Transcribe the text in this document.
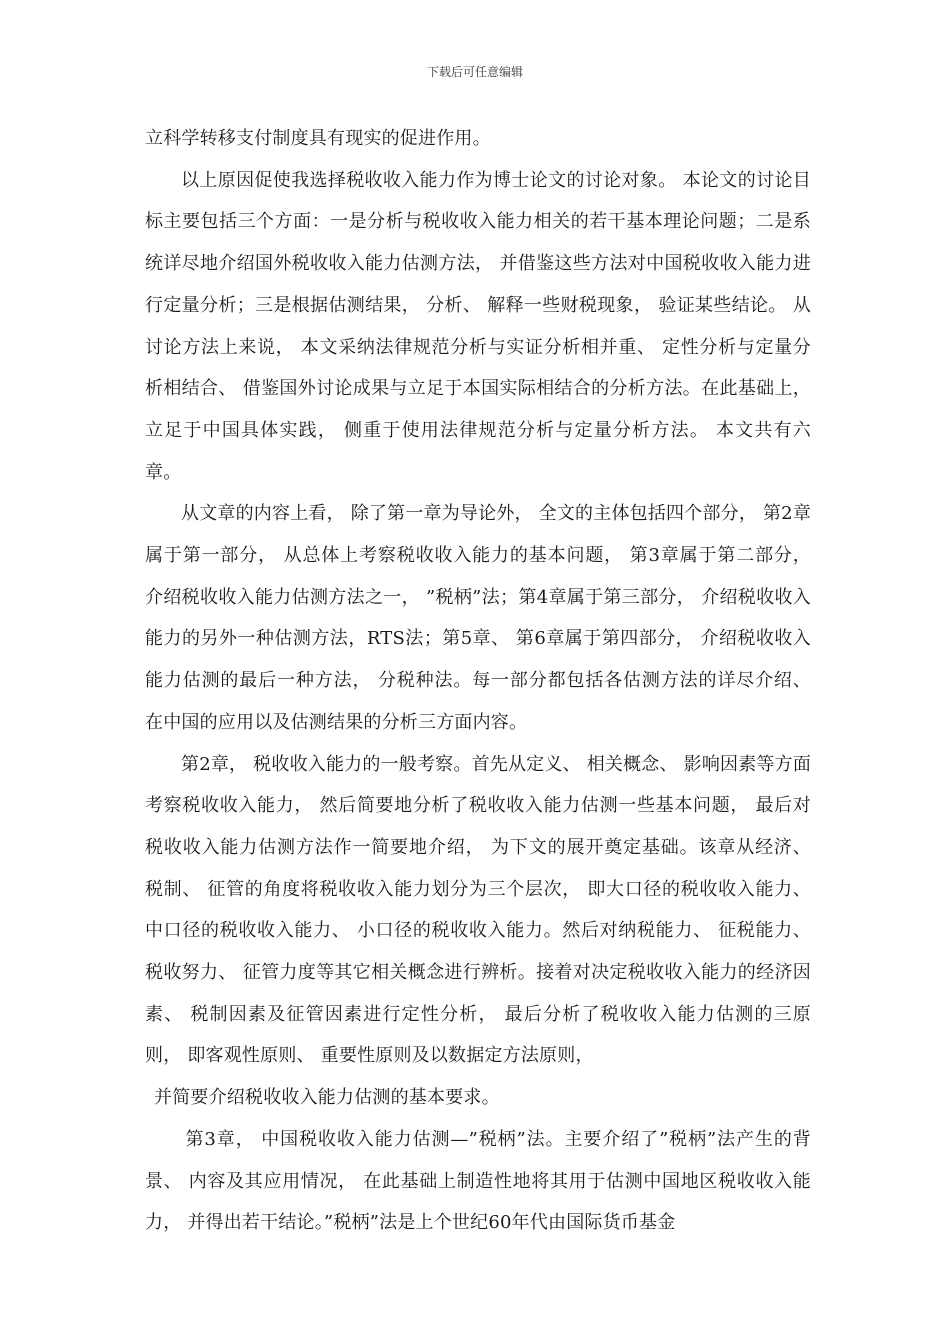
下载后可任意编辑

立科学转移支付制度具有现实的促进作用。

以上原因促使我选择税收收入能力作为博士论文的讨论对象。 本论文的讨论目标主要包括三个方面：一是分析与税收收入能力相关的若干基本理论问题；二是系统详尽地介绍国外税收收入能力估测方法， 并借鉴这些方法对中国税收收入能力进行定量分析；三是根据估测结果， 分析、 解释一些财税现象， 验证某些结论。 从讨论方法上来说， 本文采纳法律规范分析与实证分析相并重、 定性分析与定量分析相结合、 借鉴国外讨论成果与立足于本国实际相结合的分析方法。在此基础上， 立足于中国具体实践， 侧重于使用法律规范分析与定量分析方法。 本文共有六章。

从文章的内容上看， 除了第一章为导论外， 全文的主体包括四个部分， 第2章属于第一部分， 从总体上考察税收收入能力的基本问题， 第3章属于第二部分， 介绍税收收入能力估测方法之一， ”税柄”法；第4章属于第三部分， 介绍税收收入能力的另外一种估测方法，RTS法；第5章、 第6章属于第四部分， 介绍税收收入能力估测的最后一种方法， 分税种法。每一部分都包括各估测方法的详尽介绍、 在中国的应用以及估测结果的分析三方面内容。

第2章， 税收收入能力的一般考察。首先从定义、 相关概念、 影响因素等方面考察税收收入能力， 然后简要地分析了税收收入能力估测一些基本问题， 最后对税收收入能力估测方法作一简要地介绍， 为下文的展开奠定基础。该章从经济、 税制、 征管的角度将税收收入能力划分为三个层次， 即大口径的税收收入能力、 中口径的税收收入能力、 小口径的税收收入能力。然后对纳税能力、 征税能力、 税收努力、 征管力度等其它相关概念进行辨析。接着对决定税收收入能力的经济因素、 税制因素及征管因素进行定性分析， 最后分析了税收收入能力估测的三原则， 即客观性原则、 重要性原则及以数据定方法原则，

并简要介绍税收收入能力估测的基本要求。

第3章， 中国税收收入能力估测—”税柄”法。主要介绍了”税柄”法产生的背景、 内容及其应用情况， 在此基础上制造性地将其用于估测中国地区税收收入能力， 并得出若干结论。”税柄”法是上个世纪60年代由国际货币基金
